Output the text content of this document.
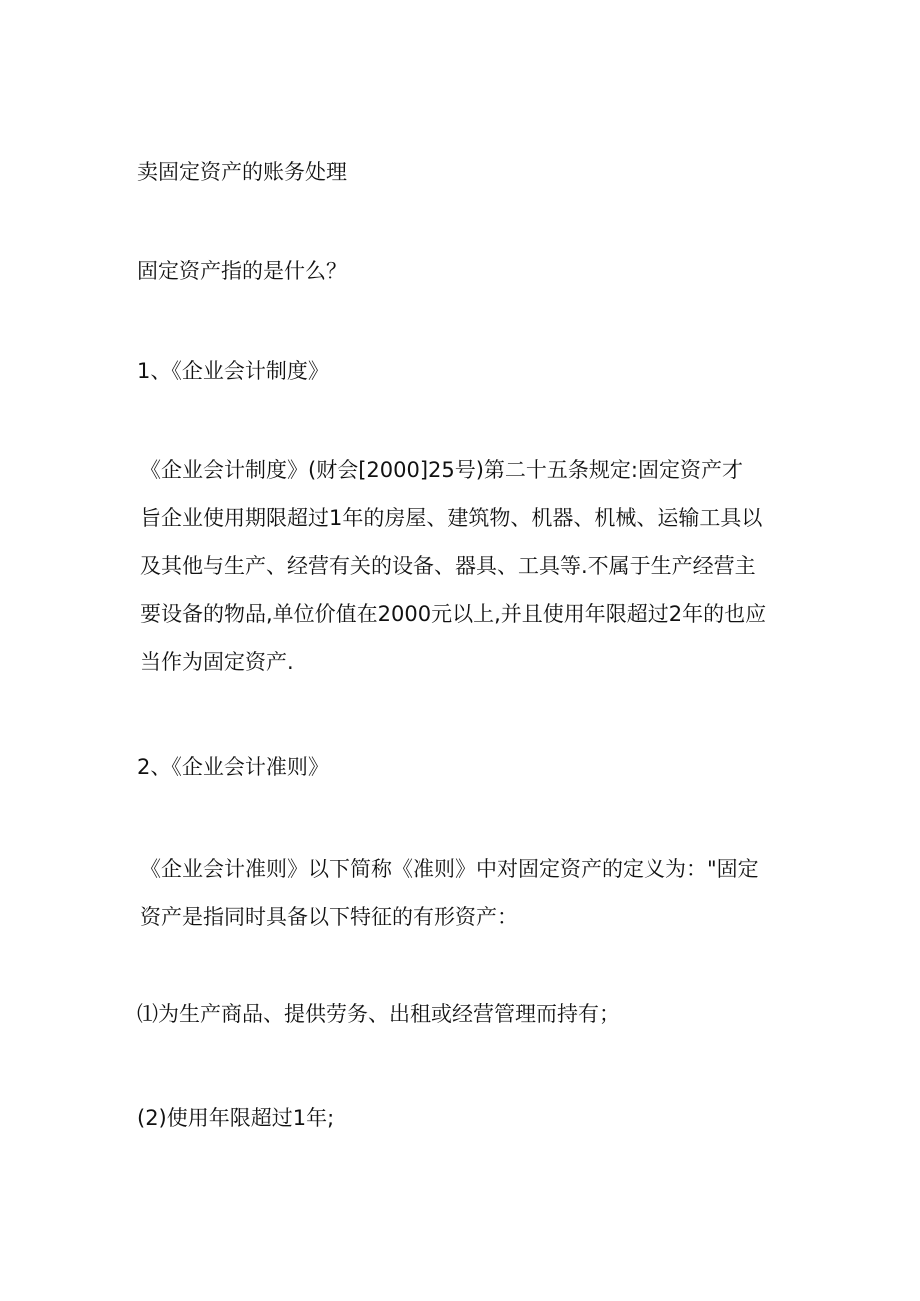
卖固定资产的账务处理
固定资产指的是什么？
1、《企业会计制度》
《企业会计制度》(财会[2000]25号)第二十五条规定:固定资产才
旨企业使用期限超过1年的房屋、建筑物、机器、机械、运输工具以
及其他与生产、经营有关的设备、器具、工具等.不属于生产经营主
要设备的物品,单位价值在2000元以上,并且使用年限超过2年的也应
当作为固定资产.
2、《企业会计准则》
《企业会计准则》以下简称《准则》中对固定资产的定义为："固定
资产是指同时具备以下特征的有形资产：
⑴为生产商品、提供劳务、出租或经营管理而持有；
(2)使用年限超过1年;
